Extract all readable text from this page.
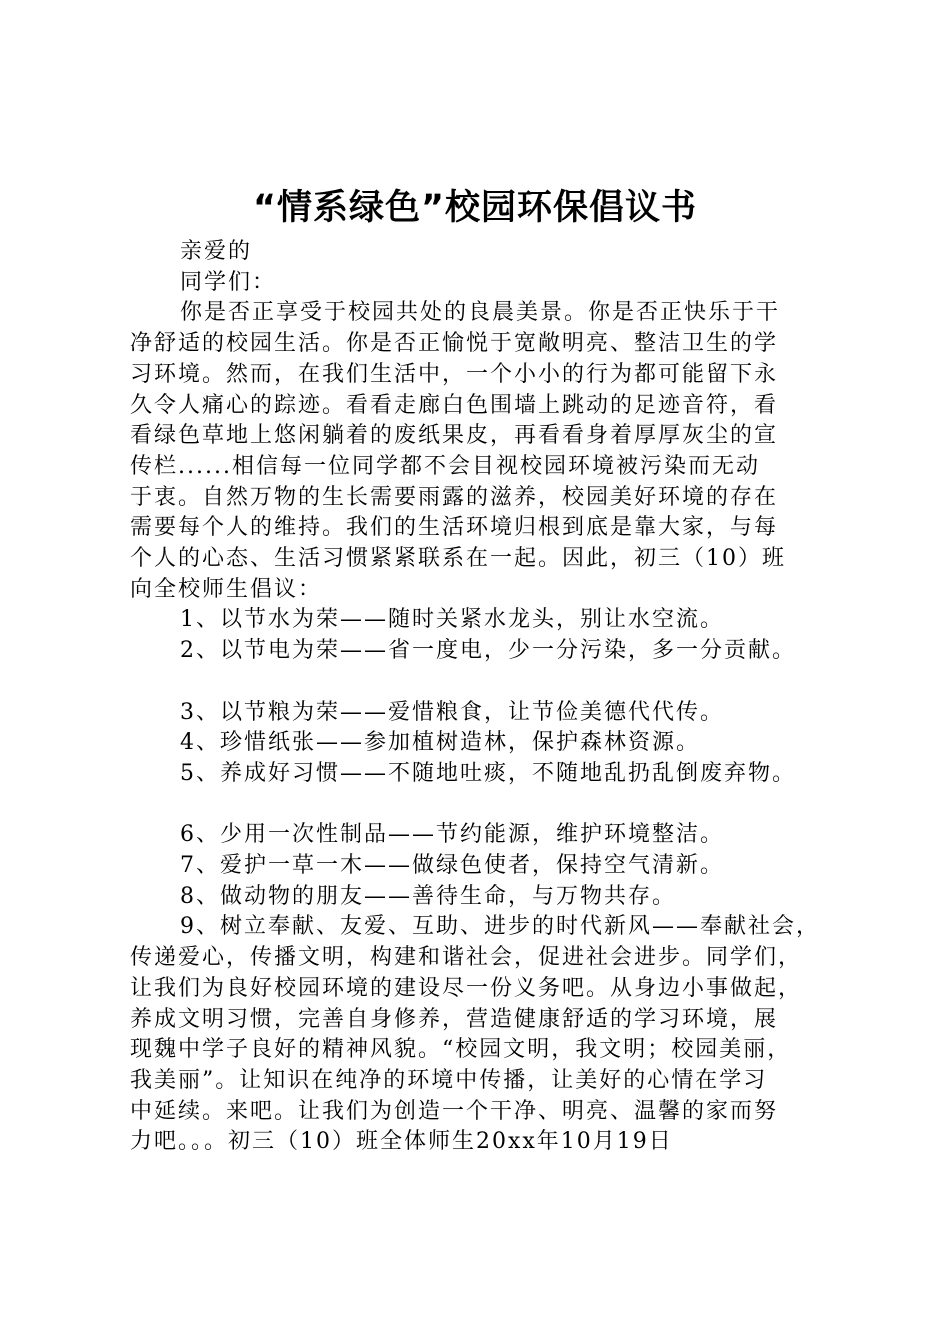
“情系绿色”校园环保倡议书
亲爱的
同学们：
你是否正享受于校园共处的良晨美景。你是否正快乐于干
净舒适的校园生活。你是否正愉悦于宽敞明亮、整洁卫生的学
习环境。然而，在我们生活中，一个小小的行为都可能留下永
久令人痛心的踪迹。看看走廊白色围墙上跳动的足迹音符，看
看绿色草地上悠闲躺着的废纸果皮，再看看身着厚厚灰尘的宣
传栏......相信每一位同学都不会目视校园环境被污染而无动
于衷。自然万物的生长需要雨露的滋养，校园美好环境的存在
需要每个人的维持。我们的生活环境归根到底是靠大家，与每
个人的心态、生活习惯紧紧联系在一起。因此，初三（10）班
向全校师生倡议：
1、以节水为荣——随时关紧水龙头，别让水空流。
2、以节电为荣——省一度电，少一分污染，多一分贡献。
3、以节粮为荣——爱惜粮食，让节俭美德代代传。
4、珍惜纸张——参加植树造林，保护森林资源。
5、养成好习惯——不随地吐痰，不随地乱扔乱倒废弃物。
6、少用一次性制品——节约能源，维护环境整洁。
7、爱护一草一木——做绿色使者，保持空气清新。
8、做动物的朋友——善待生命，与万物共存。
9、树立奉献、友爱、互助、进步的时代新风——奉献社会，
传递爱心，传播文明，构建和谐社会，促进社会进步。同学们，
让我们为良好校园环境的建设尽一份义务吧。从身边小事做起，
养成文明习惯，完善自身修养，营造健康舒适的学习环境，展
现魏中学子良好的精神风貌。“校园文明，我文明；校园美丽，
我美丽”。让知识在纯净的环境中传播，让美好的心情在学习
中延续。来吧。让我们为创造一个干净、明亮、温馨的家而努
力吧。。。初三（10）班全体师生20xx年10月19日
